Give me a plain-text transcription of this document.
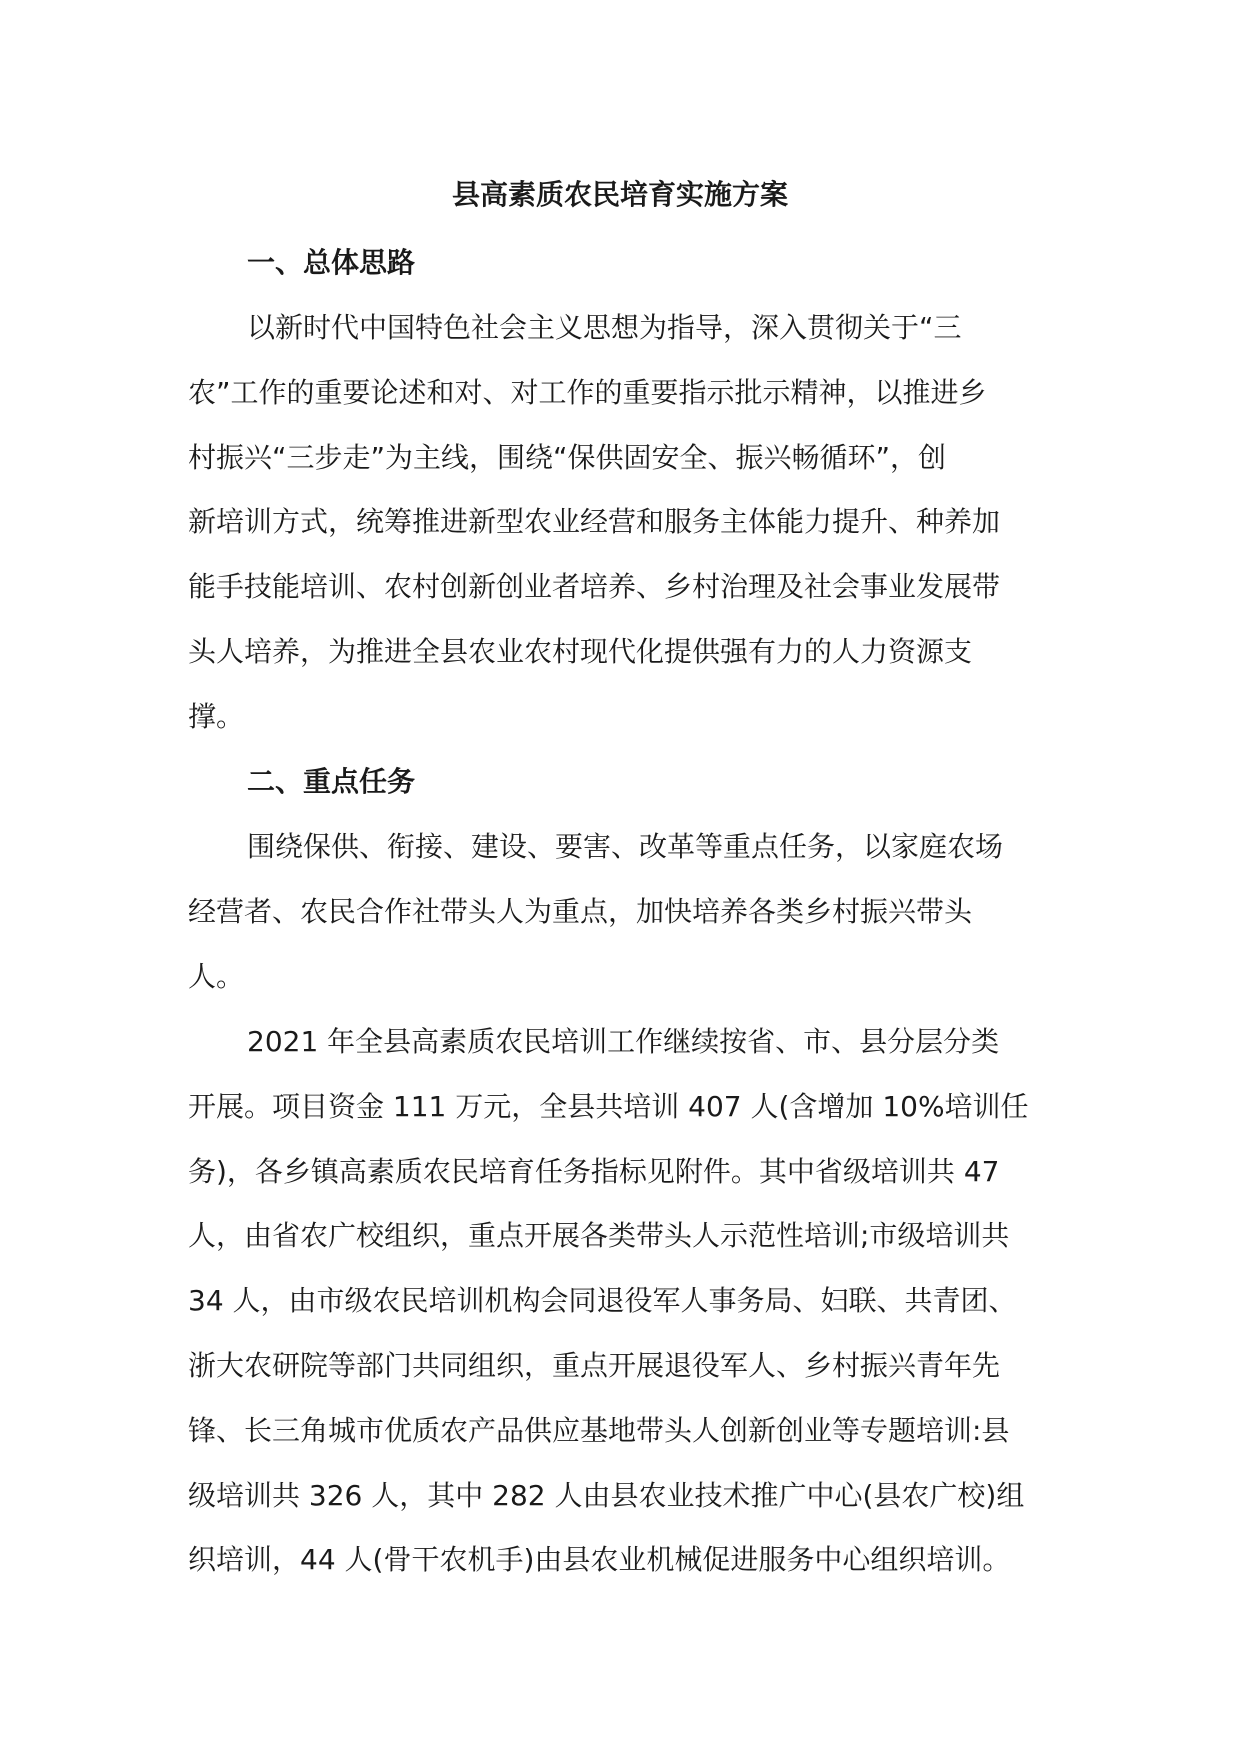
县高素质农民培育实施方案
一、总体思路

以新时代中国特色社会主义思想为指导，深入贯彻关于“三
农”工作的重要论述和对、对工作的重要指示批示精神，以推进乡
村振兴“三步走”为主线，围绕“保供固安全、振兴畅循环”，创
新培训方式，统筹推进新型农业经营和服务主体能力提升、种养加
能手技能培训、农村创新创业者培养、乡村治理及社会事业发展带
头人培养，为推进全县农业农村现代化提供强有力的人力资源支
撑。

二、重点任务

围绕保供、衔接、建设、要害、改革等重点任务，以家庭农场
经营者、农民合作社带头人为重点，加快培养各类乡村振兴带头
人。

2021 年全县高素质农民培训工作继续按省、市、县分层分类
开展。项目资金 111 万元，全县共培训 407 人(含增加 10%培训任
务)，各乡镇高素质农民培育任务指标见附件。其中省级培训共 47
人，由省农广校组织，重点开展各类带头人示范性培训;市级培训共
34 人，由市级农民培训机构会同退役军人事务局、妇联、共青团、
浙大农研院等部门共同组织，重点开展退役军人、乡村振兴青年先
锋、长三角城市优质农产品供应基地带头人创新创业等专题培训:县
级培训共 326 人，其中 282 人由县农业技术推广中心(县农广校)组
织培训，44 人(骨干农机手)由县农业机械促进服务中心组织培训。
